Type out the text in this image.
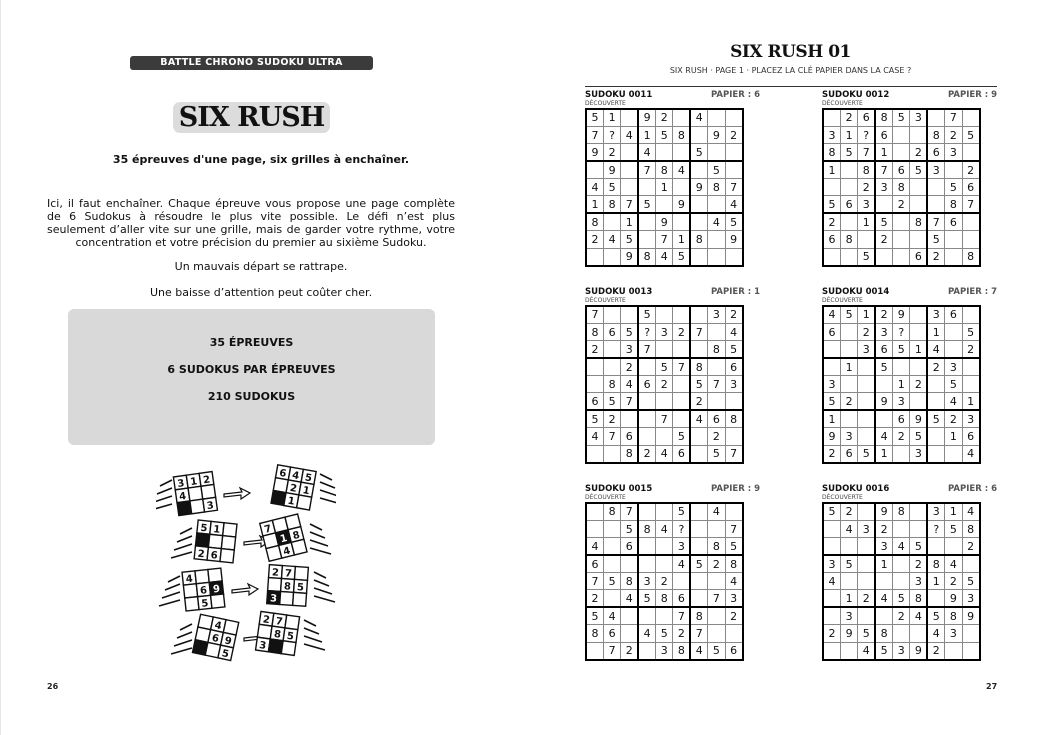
BATTLE CHRONO SUDOKU ULTRA
SIX RUSH
35 épreuves d'une page, six grilles à enchaîner.
Ici, il faut enchaîner. Chaque épreuve vous propose une page complète de 6 Sudokus à résoudre le plus vite possible. Le défi n’est plus seulement d’aller vite sur une grille, mais de garder votre rythme, votre concentration et votre précision du premier au sixième Sudoku.
Un mauvais départ se rattrape.
Une baisse d’attention peut coûter cher.
35 ÉPREUVES
6 SUDOKUS PAR ÉPREUVES
210 SUDOKUS
3 1 2
4
3
6 4 5
2 1
1
5 1
2 6
7
1 8
4
4
6 9
5
2 7
8 5
3
4
6 9
5
2 7
8 5
3
26
SIX RUSH 01
SIX RUSH · PAGE 1 · PLACEZ LA CLÉ PAPIER DANS LA CASE ?
SUDOKU 0011	PAPIER : 6
DÉCOUVERTE
5	1		9	2		4		
7	?	4	1	5	8		9	2
9	2		4			5		
	9		7	8	4		5	
4	5			1		9	8	7
1	8	7	5		9			4
8		1		9			4	5
2	4	5		7	1	8		9
		9	8	4	5			
SUDOKU 0012	PAPIER : 9
DÉCOUVERTE
	2	6	8	5	3		7	
3	1	?	6			8	2	5
8	5	7	1		2	6	3	
1		8	7	6	5	3		2
		2	3	8			5	6
5	6	3		2			8	7
2		1	5		8	7	6	
6	8		2			5		
		5			6	2		8
SUDOKU 0013	PAPIER : 1
DÉCOUVERTE
7			5				3	2
8	6	5	?	3	2	7		4
2		3	7				8	5
		2		5	7	8		6
	8	4	6	2		5	7	3
6	5	7				2		
5	2			7		4	6	8
4	7	6			5		2	
		8	2	4	6		5	7
SUDOKU 0014	PAPIER : 7
DÉCOUVERTE
4	5	1	2	9		3	6	
6		2	3	?		1		5
		3	6	5	1	4		2
	1		5			2	3	
3				1	2		5	
5	2		9	3			4	1
1				6	9	5	2	3
9	3		4	2	5		1	6
2	6	5	1		3			4
SUDOKU 0015	PAPIER : 9
DÉCOUVERTE
	8	7			5		4	
		5	8	4	?			7
4		6			3		8	5
6					4	5	2	8
7	5	8	3	2				4
2		4	5	8	6		7	3
5	4				7	8		2
8	6		4	5	2	7		
	7	2		3	8	4	5	6
SUDOKU 0016	PAPIER : 6
DÉCOUVERTE
5	2		9	8		3	1	4
	4	3	2			?	5	8
			3	4	5			2
3	5		1		2	8	4	
4					3	1	2	5
	1	2	4	5	8		9	3
	3			2	4	5	8	9
2	9	5	8			4	3	
		4	5	3	9	2		
27
